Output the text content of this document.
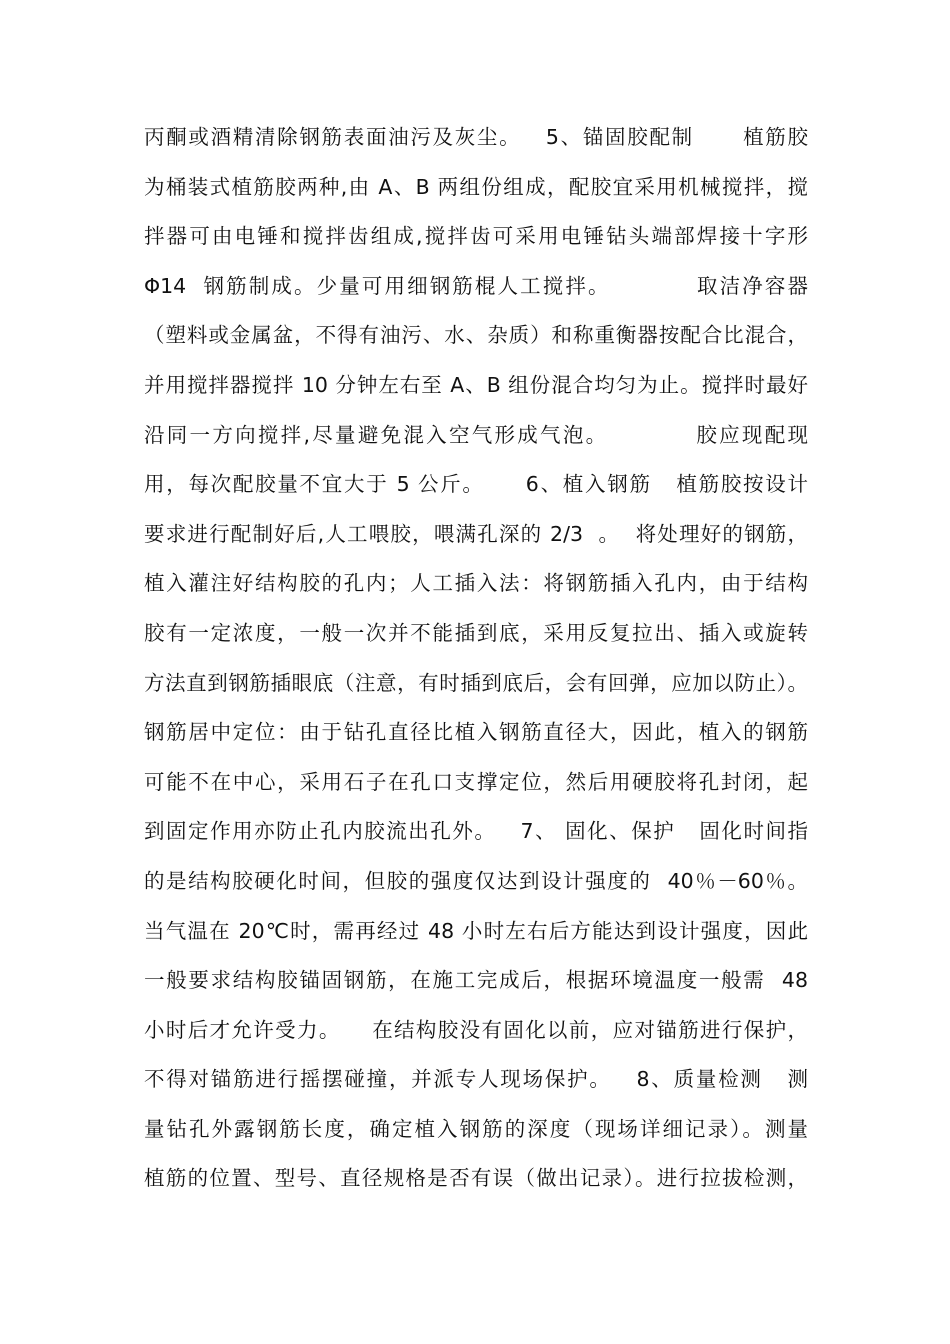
丙酮或酒精清除钢筋表面油污及灰尘。   5、锚固胶配制      植筋胶
为桶装式植筋胶两种,由 A、B 两组份组成，配胶宜采用机械搅拌，搅
拌器可由电锤和搅拌齿组成,搅拌齿可采用电锤钻头端部焊接十字形
Φ14  钢筋制成。少量可用细钢筋棍人工搅拌。          取洁净容器
（塑料或金属盆，不得有油污、水、杂质）和称重衡器按配合比混合，
并用搅拌器搅拌 10 分钟左右至 A、B 组份混合均匀为止。搅拌时最好
沿同一方向搅拌,尽量避免混入空气形成气泡。          胶应现配现
用，每次配胶量不宜大于 5 公斤。     6、植入钢筋   植筋胶按设计
要求进行配制好后,人工喂胶，喂满孔深的 2/3  。  将处理好的钢筋，
植入灌注好结构胶的孔内；人工插入法：将钢筋插入孔内，由于结构
胶有一定浓度，一般一次并不能插到底，采用反复拉出、插入或旋转
方法直到钢筋插眼底（注意，有时插到底后，会有回弹，应加以防止）。
钢筋居中定位：由于钻孔直径比植入钢筋直径大，因此，植入的钢筋
可能不在中心，采用石子在孔口支撑定位，然后用硬胶将孔封闭，起
到固定作用亦防止孔内胶流出孔外。   7、 固化、保护   固化时间指
的是结构胶硬化时间，但胶的强度仅达到设计强度的  40％－60％。
当气温在 20℃时，需再经过 48 小时左右后方能达到设计强度，因此
一般要求结构胶锚固钢筋，在施工完成后，根据环境温度一般需  48
小时后才允许受力。    在结构胶没有固化以前，应对锚筋进行保护，
不得对锚筋进行摇摆碰撞，并派专人现场保护。   8、质量检测   测
量钻孔外露钢筋长度，确定植入钢筋的深度（现场详细记录）。测量
植筋的位置、型号、直径规格是否有误（做出记录）。进行拉拔检测，
